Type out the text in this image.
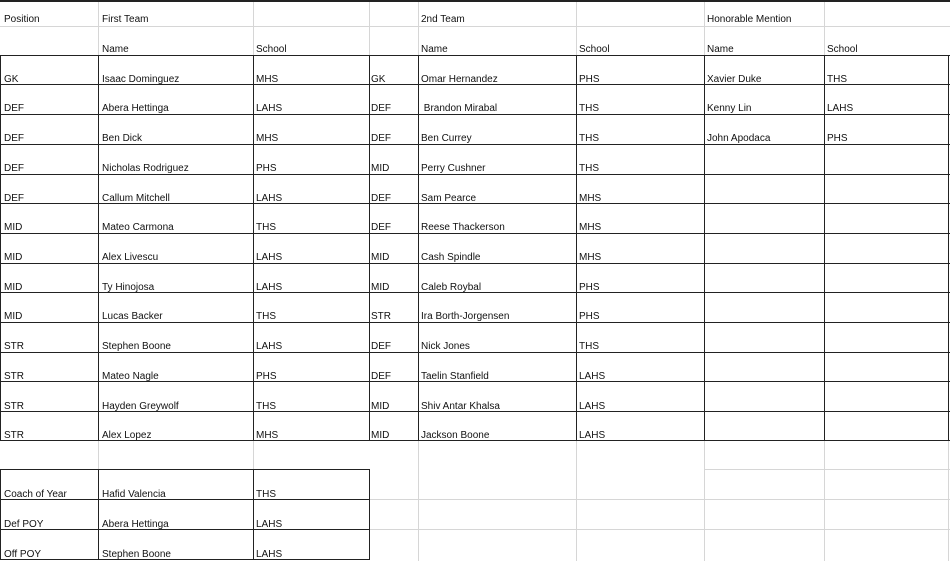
Position	First Team	2nd Team	Honorable Mention
Name	School	Name	School	Name	School
GK	Isaac Dominguez	MHS	GK	Omar Hernandez	PHS	Xavier Duke	THS
DEF	Abera Hettinga	LAHS	DEF	Brandon Mirabal	THS	Kenny Lin	LAHS
DEF	Ben Dick	MHS	DEF	Ben Currey	THS	John Apodaca	PHS
DEF	Nicholas Rodriguez	PHS	MID	Perry Cushner	THS
DEF	Callum Mitchell	LAHS	DEF	Sam Pearce	MHS
MID	Mateo Carmona	THS	DEF	Reese Thackerson	MHS
MID	Alex Livescu	LAHS	MID	Cash Spindle	MHS
MID	Ty Hinojosa	LAHS	MID	Caleb Roybal	PHS
MID	Lucas Backer	THS	STR	Ira Borth-Jorgensen	PHS
STR	Stephen Boone	LAHS	DEF	Nick Jones	THS
STR	Mateo Nagle	PHS	DEF	Taelin Stanfield	LAHS
STR	Hayden Greywolf	THS	MID	Shiv Antar Khalsa	LAHS
STR	Alex Lopez	MHS	MID	Jackson Boone	LAHS
Coach of Year	Hafid Valencia	THS
Def POY	Abera Hettinga	LAHS
Off POY	Stephen Boone	LAHS
